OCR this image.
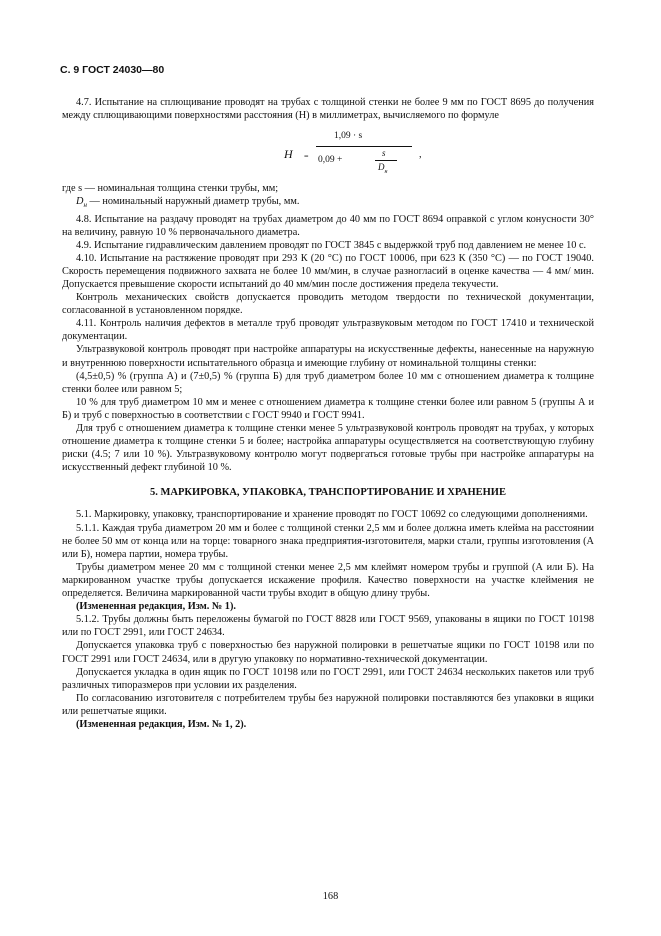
С. 9 ГОСТ 24030—80

4.7. Испытание на сплющивание проводят на трубах с толщиной стенки не более 9 мм по ГОСТ 8695 до получения между сплющивающими поверхностями расстояния (H) в миллиметрах, вычисляемого по формуле

H =
1,09 · s
0,09 +
s
$D_н$
,

где s — номинальная толщина стенки трубы, мм;

$D_н$ — номинальный наружный диаметр трубы, мм.

4.8. Испытание на раздачу проводят на трубах диаметром до 40 мм по ГОСТ 8694 оправкой с углом конусности 30° на величину, равную 10 % первоначального диаметра.

4.9. Испытание гидравлическим давлением проводят по ГОСТ 3845 с выдержкой труб под давлением не менее 10 с.

4.10. Испытание на растяжение проводят при 293 К (20 °С) по ГОСТ 10006, при 623 К (350 °С) — по ГОСТ 19040. Скорость перемещения подвижного захвата не более 10 мм/мин, в случае разногласий в оценке качества — 4 мм/ мин. Допускается превышение скорости испытаний до 40 мм/мин после достижения предела текучести.

Контроль механических свойств допускается проводить методом твердости по технической документации, согласованной в установленном порядке.

4.11. Контроль наличия дефектов в металле труб проводят ультразвуковым методом по ГОСТ 17410 и технической документации.

Ультразвуковой контроль проводят при настройке аппаратуры на искусственные дефекты, нанесенные на наружную и внутреннюю поверхности испытательного образца и имеющие глубину от номинальной толщины стенки:

(4,5±0,5) % (группа А) и (7±0,5) % (группа Б) для труб диаметром более 10 мм с отношением диаметра к толщине стенки более или равном 5;

10 % для труб диаметром 10 мм и менее с отношением диаметра к толщине стенки более или равном 5 (группы А и Б) и труб с поверхностью в соответствии с ГОСТ 9940 и ГОСТ 9941.

Для труб с отношением диаметра к толщине стенки менее 5 ультразвуковой контроль проводят на трубах, у которых отношение диаметра к толщине стенки 5 и более; настройка аппаратуры осуществляется на соответствующую глубину риски (4.5; 7 или 10 %). Ультразвуковому контролю могут подвергаться готовые трубы при настройке аппаратуры на искусственный дефект глубиной 10 %.

5. МАРКИРОВКА, УПАКОВКА, ТРАНСПОРТИРОВАНИЕ И ХРАНЕНИЕ

5.1. Маркировку, упаковку, транспортирование и хранение проводят по ГОСТ 10692 со следующими дополнениями.

5.1.1. Каждая труба диаметром 20 мм и более с толщиной стенки 2,5 мм и более должна иметь клейма на расстоянии не более 50 мм от конца или на торце: товарного знака предприятия-изготовителя, марки стали, группы изготовления (А или Б), номера партии, номера трубы.

Трубы диаметром менее 20 мм с толщиной стенки менее 2,5 мм клеймят номером трубы и группой (А или Б). На маркированном участке трубы допускается искажение профиля. Качество поверхности на участке клеймения не определяется. Величина маркированной части трубы входит в общую длину трубы.

(Измененная редакция, Изм. № 1).

5.1.2. Трубы должны быть переложены бумагой по ГОСТ 8828 или ГОСТ 9569, упакованы в ящики по ГОСТ 10198 или по ГОСТ 2991, или ГОСТ 24634.

Допускается упаковка труб с поверхностью без наружной полировки в решетчатые ящики по ГОСТ 10198 или по ГОСТ 2991 или ГОСТ 24634, или в другую упаковку по нормативно-технической документации.

Допускается укладка в один ящик по ГОСТ 10198 или по ГОСТ 2991, или ГОСТ 24634 нескольких пакетов или труб различных типоразмеров при условии их разделения.

По согласованию изготовителя с потребителем трубы без наружной полировки поставляются без упаковки в ящики или решетчатые ящики.

(Измененная редакция, Изм. № 1, 2).

168
